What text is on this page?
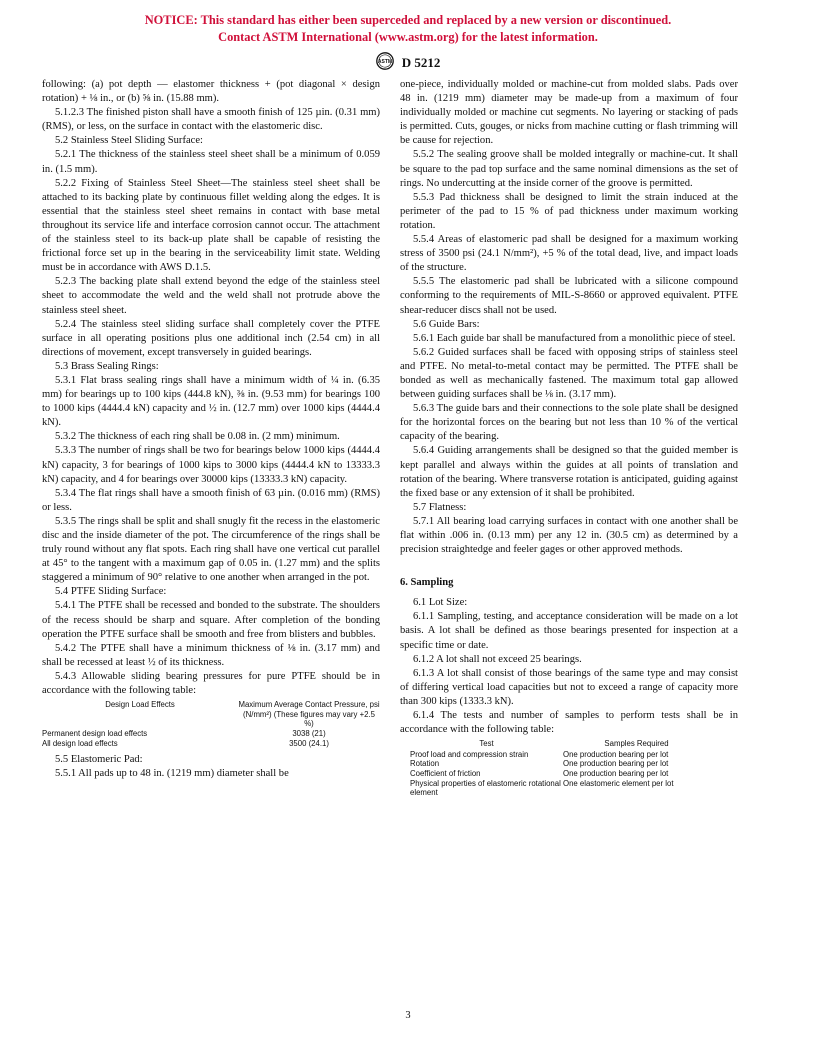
NOTICE: This standard has either been superceded and replaced by a new version or discontinued.
Contact ASTM International (www.astm.org) for the latest information.
ASTM D 5212

following: (a) pot depth — elastomer thickness + (pot diagonal × design rotation) + ⅛ in., or (b) ⅝ in. (15.88 mm).

5.1.2.3 The finished piston shall have a smooth finish of 125 µin. (0.31 mm) (RMS), or less, on the surface in contact with the elastomeric disc.

5.2 Stainless Steel Sliding Surface:

5.2.1 The thickness of the stainless steel sheet shall be a minimum of 0.059 in. (1.5 mm).

5.2.2 Fixing of Stainless Steel Sheet—The stainless steel sheet shall be attached to its backing plate by continuous fillet welding along the edges. It is essential that the stainless steel sheet remains in contact with base metal throughout its service life and interface corrosion cannot occur. The attachment of the stainless steel to its back-up plate shall be capable of resisting the frictional force set up in the bearing in the serviceability limit state. Welding must be in accordance with AWS D.1.5.

5.2.3 The backing plate shall extend beyond the edge of the stainless steel sheet to accommodate the weld and the weld shall not protrude above the stainless steel sheet.

5.2.4 The stainless steel sliding surface shall completely cover the PTFE surface in all operating positions plus one additional inch (2.54 cm) in all directions of movement, except transversely in guided bearings.

5.3 Brass Sealing Rings:

5.3.1 Flat brass sealing rings shall have a minimum width of ¼ in. (6.35 mm) for bearings up to 100 kips (444.8 kN), ⅜ in. (9.53 mm) for bearings 100 to 1000 kips (4444.4 kN) capacity and ½ in. (12.7 mm) over 1000 kips (4444.4 kN).

5.3.2 The thickness of each ring shall be 0.08 in. (2 mm) minimum.

5.3.3 The number of rings shall be two for bearings below 1000 kips (4444.4 kN) capacity, 3 for bearings of 1000 kips to 3000 kips (4444.4 kN to 13333.3 kN) capacity, and 4 for bearings over 30000 kips (13333.3 kN) capacity.

5.3.4 The flat rings shall have a smooth finish of 63 µin. (0.016 mm) (RMS) or less.

5.3.5 The rings shall be split and shall snugly fit the recess in the elastomeric disc and the inside diameter of the pot. The circumference of the rings shall be truly round without any flat spots. Each ring shall have one vertical cut parallel at 45° to the tangent with a maximum gap of 0.05 in. (1.27 mm) and the splits staggered a minimum of 90° relative to one another when arranged in the pot.

5.4 PTFE Sliding Surface:

5.4.1 The PTFE shall be recessed and bonded to the substrate. The shoulders of the recess should be sharp and square. After completion of the bonding operation the PTFE surface shall be smooth and free from blisters and bubbles.

5.4.2 The PTFE shall have a minimum thickness of ⅛ in. (3.17 mm) and shall be recessed at least ½ of its thickness.

5.4.3 Allowable sliding bearing pressures for pure PTFE should be in accordance with the following table:

Design Load Effects	Maximum Average Contact Pressure, psi (N/mm²) (These figures may vary +2.5 %)
Permanent design load effects	3038 (21)
All design load effects	3500 (24.1)

5.5 Elastomeric Pad:

5.5.1 All pads up to 48 in. (1219 mm) diameter shall be

one-piece, individually molded or machine-cut from molded slabs. Pads over 48 in. (1219 mm) diameter may be made-up from a maximum of four individually molded or machine cut segments. No layering or stacking of pads is permitted. Cuts, gouges, or nicks from machine cutting or flash trimming will be cause for rejection.

5.5.2 The sealing groove shall be molded integrally or machine-cut. It shall be square to the pad top surface and the same nominal dimensions as the set of rings. No undercutting at the inside corner of the groove is permitted.

5.5.3 Pad thickness shall be designed to limit the strain induced at the perimeter of the pad to 15 % of pad thickness under maximum working rotation.

5.5.4 Areas of elastomeric pad shall be designed for a maximum working stress of 3500 psi (24.1 N/mm²), +5 % of the total dead, live, and impact loads of the structure.

5.5.5 The elastomeric pad shall be lubricated with a silicone compound conforming to the requirements of MIL-S-8660 or approved equivalent. PTFE shear-reducer discs shall not be used.

5.6 Guide Bars:

5.6.1 Each guide bar shall be manufactured from a monolithic piece of steel.

5.6.2 Guided surfaces shall be faced with opposing strips of stainless steel and PTFE. No metal-to-metal contact may be permitted. The PTFE shall be bonded as well as mechanically fastened. The maximum total gap allowed between guiding surfaces shall be ⅛ in. (3.17 mm).

5.6.3 The guide bars and their connections to the sole plate shall be designed for the horizontal forces on the bearing but not less than 10 % of the vertical capacity of the bearing.

5.6.4 Guiding arrangements shall be designed so that the guided member is kept parallel and always within the guides at all points of translation and rotation of the bearing. Where transverse rotation is anticipated, guiding against the fixed base or any extension of it shall be prohibited.

5.7 Flatness:

5.7.1 All bearing load carrying surfaces in contact with one another shall be flat within .006 in. (0.13 mm) per any 12 in. (30.5 cm) as determined by a precision straightedge and feeler gages or other approved methods.

6. Sampling

6.1 Lot Size:

6.1.1 Sampling, testing, and acceptance consideration will be made on a lot basis. A lot shall be defined as those bearings presented for inspection at a specific time or date.

6.1.2 A lot shall not exceed 25 bearings.

6.1.3 A lot shall consist of those bearings of the same type and may consist of differing vertical load capacities but not to exceed a range of capacity more than 300 kips (1333.3 kN).

6.1.4 The tests and number of samples to perform tests shall be in accordance with the following table:

Test	Samples Required
Proof load and compression strain	One production bearing per lot
Rotation	One production bearing per lot
Coefficient of friction	One production bearing per lot
Physical properties of elastomeric rotational element	One elastomeric element per lot
3
